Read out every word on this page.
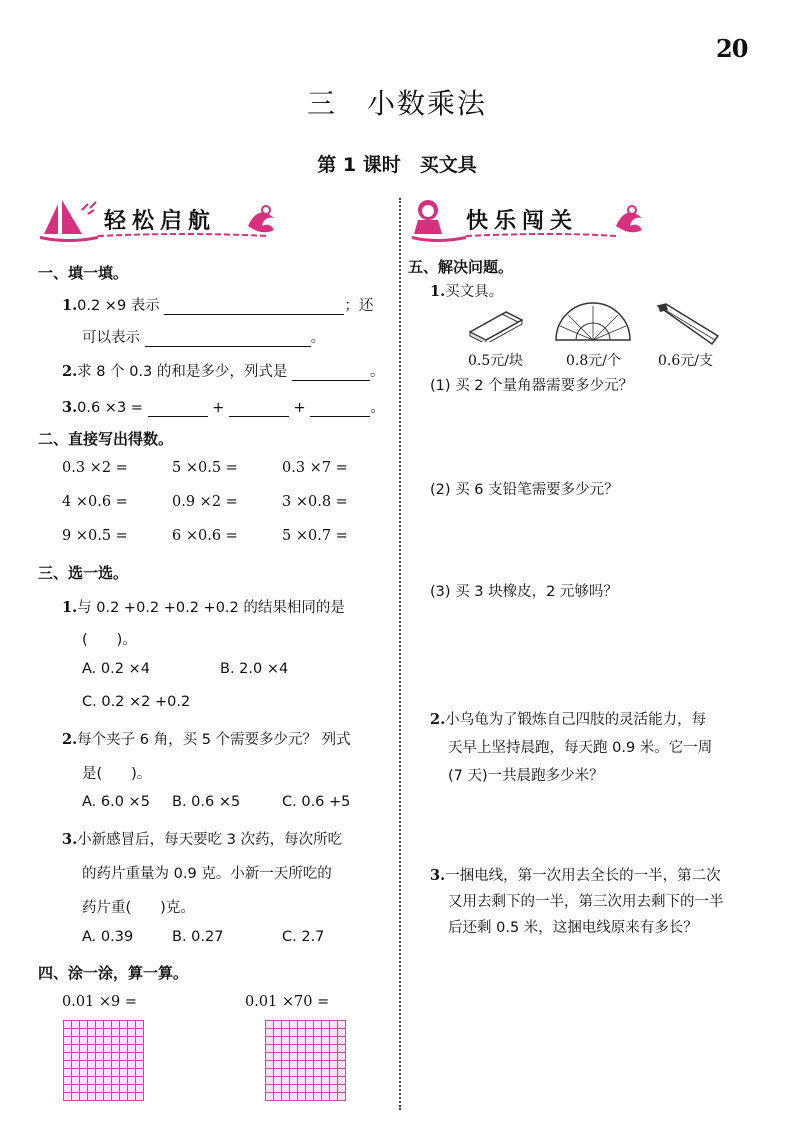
20
三　小数乘法
第 1 课时　买文具
轻松启航	快乐闯关
一、填一填。
1.0.2 ×9 表示	；还
可以表示	。
2.求 8 个 0.3 的和是多少，列式是	。
3.0.6 ×3 =	+	+	。
二、直接写出得数。
0.3 ×2 =	5 ×0.5 =	0.3 ×7 =
4 ×0.6 =	0.9 ×2 =	3 ×0.8 =
9 ×0.5 =	6 ×0.6 =	5 ×0.7 =
三、选一选。
1.与 0.2 +0.2 +0.2 +0.2 的结果相同的是
(　　)。
A. 0.2 ×4	B. 2.0 ×4
C. 0.2 ×2 +0.2
2.每个夹子 6 角，买 5 个需要多少元？ 列式
是(　　)。
A. 6.0 ×5 B. 0.6 ×5	C. 0.6 +5
3.小新感冒后，每天要吃 3 次药，每次所吃
的药片重量为 0.9 克。小新一天所吃的
药片重(　　)克。
A. 0.39	B. 0.27	C. 2.7
四、涂一涂，算一算。
0.01 ×9 =	0.01 ×70 =
五、解决问题。
1.买文具。
0.5元/块	0.8元/个	0.6元/支
(1) 买 2 个量角器需要多少元？
(2) 买 6 支铅笔需要多少元？
(3) 买 3 块橡皮，2 元够吗？
2.小乌龟为了锻炼自己四肢的灵活能力，每
天早上坚持晨跑，每天跑 0.9 米。它一周
(7 天)一共晨跑多少米？
3.一捆电线，第一次用去全长的一半，第二次
又用去剩下的一半，第三次用去剩下的一半
后还剩 0.5 米，这捆电线原来有多长？
